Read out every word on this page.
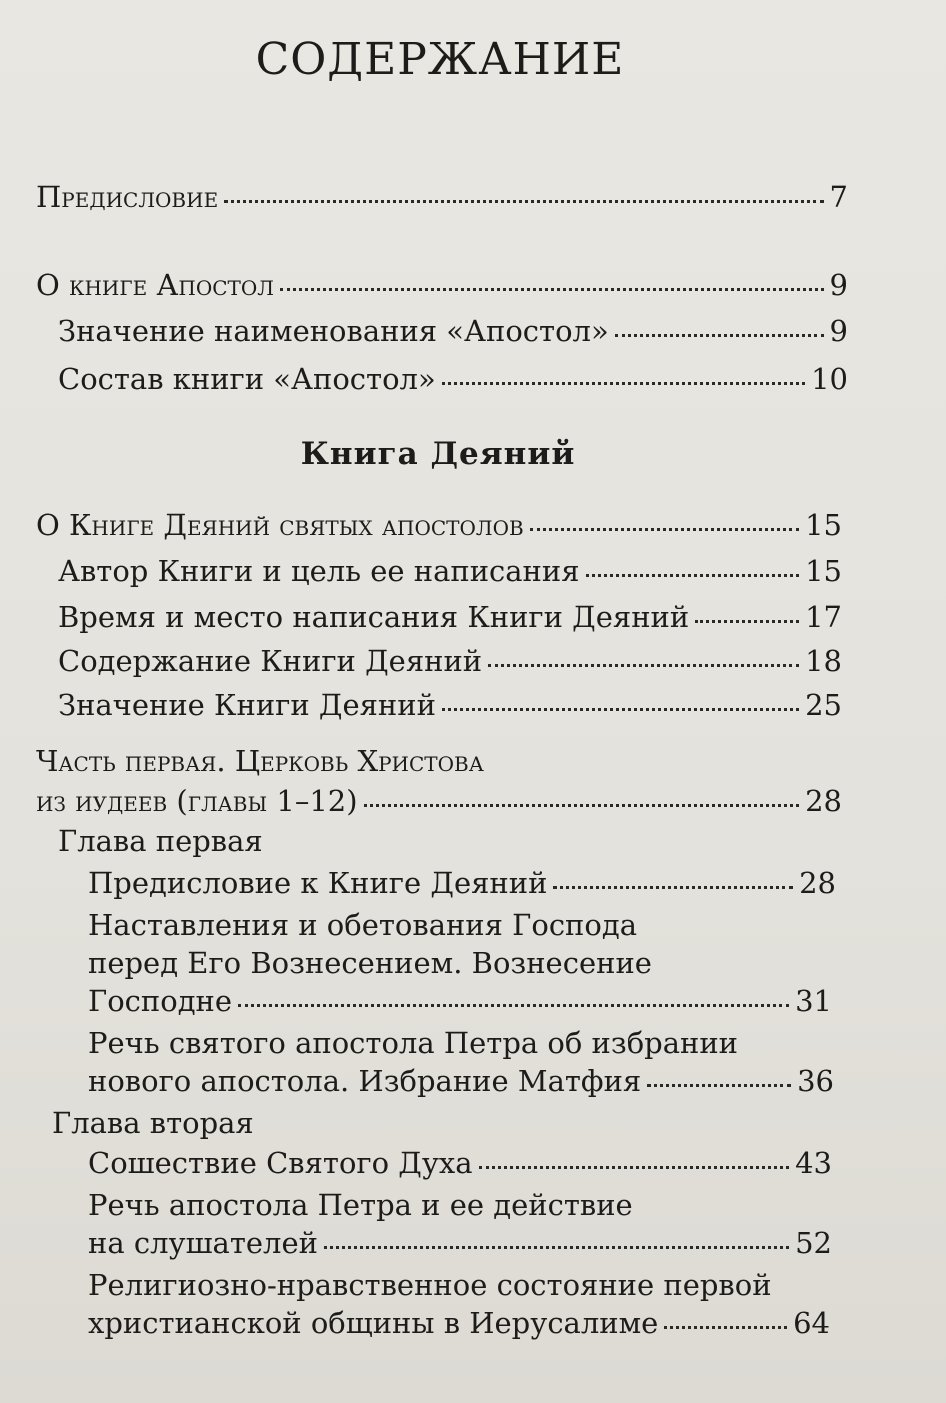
СОДЕРЖАНИЕ
Предисловие	7
О книге Апостол	9
Значение наименования «Апостол»	9
Состав книги «Апостол»	10
Книга Деяний
О Книге Деяний святых апостолов	15
Автор Книги и цель ее написания	15
Время и место написания Книги Деяний	17
Содержание Книги Деяний	18
Значение Книги Деяний	25
Часть первая. Церковь Христова
из иудеев (главы 1–12)	28
Глава первая
Предисловие к Книге Деяний	28
Наставления и обетования Господа
перед Его Вознесением. Вознесение
Господне	31
Речь святого апостола Петра об избрании
нового апостола. Избрание Матфия	36
Глава вторая
Сошествие Святого Духа	43
Речь апостола Петра и ее действие
на слушателей	52
Религиозно-нравственное состояние первой
христианской общины в Иерусалиме	64
